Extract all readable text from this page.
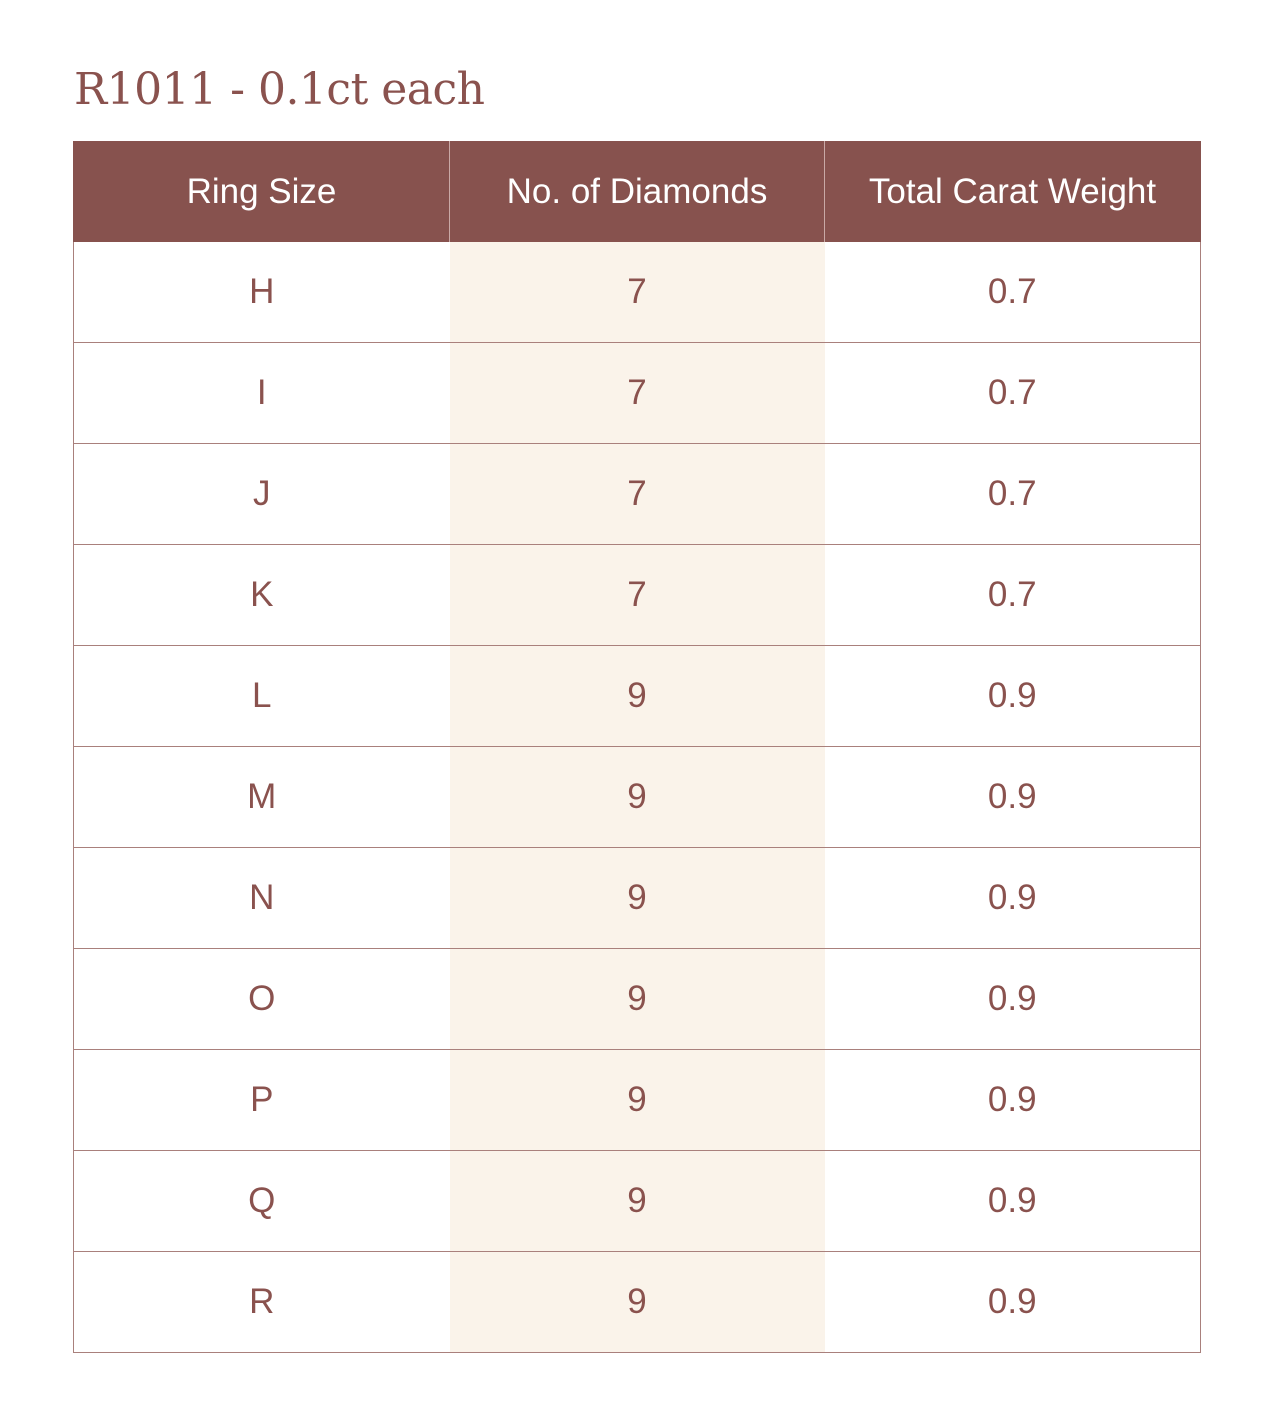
R1011 - 0.1ct each
Ring Size	No. of Diamonds	Total Carat Weight
H	7	0.7
I	7	0.7
J	7	0.7
K	7	0.7
L	9	0.9
M	9	0.9
N	9	0.9
O	9	0.9
P	9	0.9
Q	9	0.9
R	9	0.9
